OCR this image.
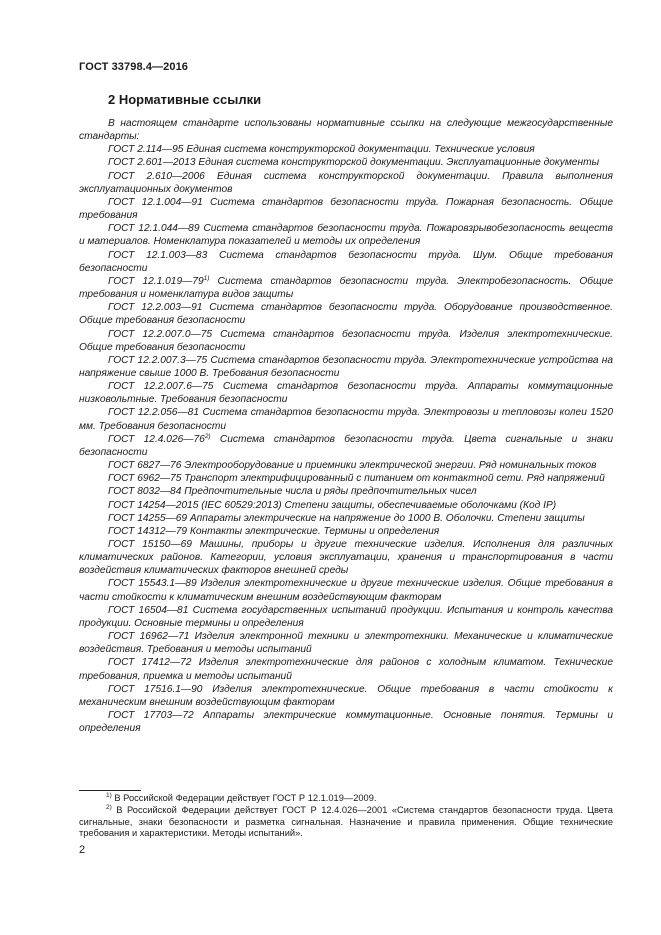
ГОСТ 33798.4—2016
2 Нормативные ссылки

В настоящем стандарте использованы нормативные ссылки на следующие межгосударственные стандарты:

ГОСТ 2.114—95 Единая система конструкторской документации. Технические условия

ГОСТ 2.601—2013 Единая система конструкторской документации. Эксплуатационные документы

ГОСТ 2.610—2006 Единая система конструкторской документации. Правила выполнения эксплуатационных документов

ГОСТ 12.1.004—91 Система стандартов безопасности труда. Пожарная безопасность. Общие требования

ГОСТ 12.1.044—89 Система стандартов безопасности труда. Пожаровзрывобезопасность веществ и материалов. Номенклатура показателей и методы их определения

ГОСТ 12.1.003—83 Система стандартов безопасности труда. Шум. Общие требования безопасности

ГОСТ 12.1.019—79$^{1)}$ Система стандартов безопасности труда. Электробезопасность. Общие требования и номенклатура видов защиты

ГОСТ 12.2.003—91 Система стандартов безопасности труда. Оборудование производственное. Общие требования безопасности

ГОСТ 12.2.007.0—75 Система стандартов безопасности труда. Изделия электротехнические. Общие требования безопасности

ГОСТ 12.2.007.3—75 Система стандартов безопасности труда. Электротехнические устройства на напряжение свыше 1000 В. Требования безопасности

ГОСТ 12.2.007.6—75 Система стандартов безопасности труда. Аппараты коммутационные низковольтные. Требования безопасности

ГОСТ 12.2.056—81 Система стандартов безопасности труда. Электровозы и тепловозы колеи 1520 мм. Требования безопасности

ГОСТ 12.4.026—76$^{2)}$ Система стандартов безопасности труда. Цвета сигнальные и знаки безопасности

ГОСТ 6827—76 Электрооборудование и приемники электрической энергии. Ряд номинальных токов

ГОСТ 6962—75 Транспорт электрифицированный с питанием от контактной сети. Ряд напряжений

ГОСТ 8032—84 Предпочтительные числа и ряды предпочтительных чисел

ГОСТ 14254—2015 (IEC 60529:2013) Степени защиты, обеспечиваемые оболочками (Код IP)

ГОСТ 14255—69 Аппараты электрические на напряжение до 1000 В. Оболочки. Степени защиты

ГОСТ 14312—79 Контакты электрические. Термины и определения

ГОСТ 15150—69 Машины, приборы и другие технические изделия. Исполнения для различных климатических районов. Категории, условия эксплуатации, хранения и транспортирования в части воздействия климатических факторов внешней среды

ГОСТ 15543.1—89 Изделия электротехнические и другие технические изделия. Общие требования в части стойкости к климатическим внешним воздействующим факторам

ГОСТ 16504—81 Система государственных испытаний продукции. Испытания и контроль качества продукции. Основные термины и определения

ГОСТ 16962—71 Изделия электронной техники и электротехники. Механические и климатические воздействия. Требования и методы испытаний

ГОСТ 17412—72 Изделия электротехнические для районов с холодным климатом. Технические требования, приемка и методы испытаний

ГОСТ 17516.1—90 Изделия электротехнические. Общие требования в части стойкости к механическим внешним воздействующим факторам

ГОСТ 17703—72 Аппараты электрические коммутационные. Основные понятия. Термины и определения

$^{1)}$ В Российской Федерации действует ГОСТ Р 12.1.019—2009.

$^{2)}$ В Российской Федерации действует ГОСТ Р 12.4.026—2001 «Система стандартов безопасности труда. Цвета сигнальные, знаки безопасности и разметка сигнальная. Назначение и правила применения. Общие технические требования и характеристики. Методы испытаний».

2
